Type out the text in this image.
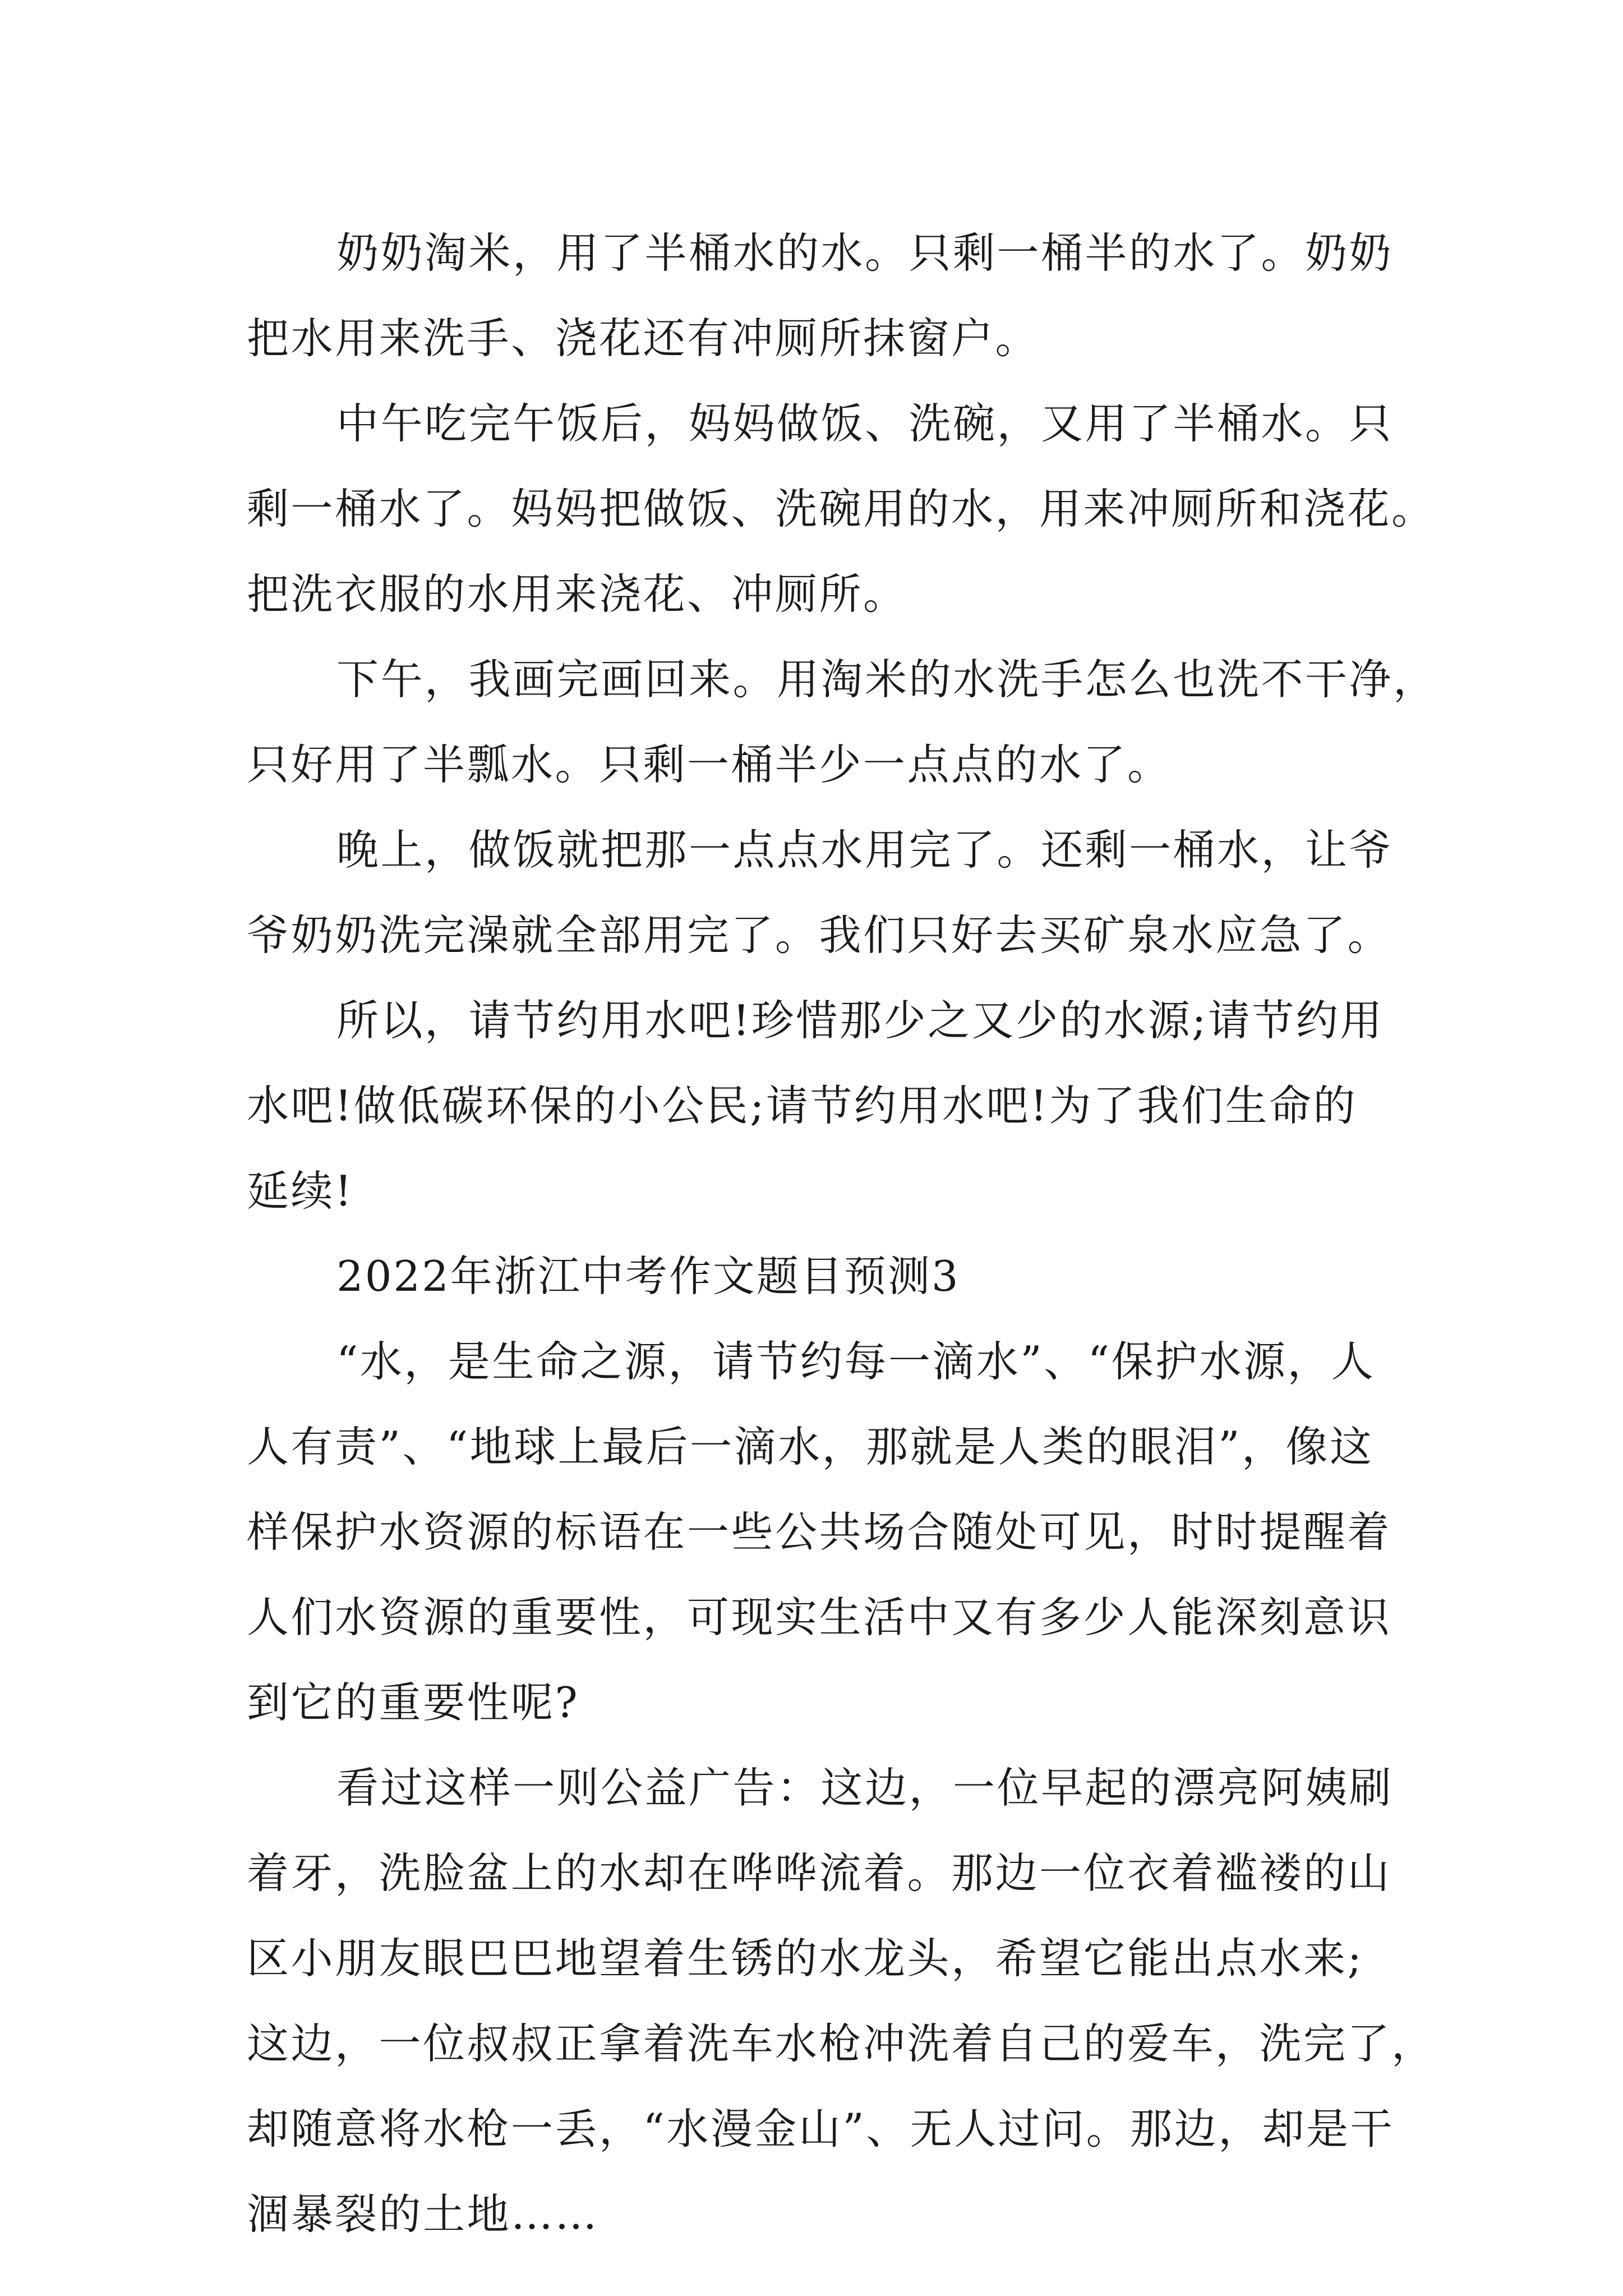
奶奶淘米，用了半桶水的水。只剩一桶半的水了。奶奶
把水用来洗手、浇花还有冲厕所抹窗户。

中午吃完午饭后，妈妈做饭、洗碗，又用了半桶水。只
剩一桶水了。妈妈把做饭、洗碗用的水，用来冲厕所和浇花。
把洗衣服的水用来浇花、冲厕所。

下午，我画完画回来。用淘米的水洗手怎么也洗不干净，
只好用了半瓢水。只剩一桶半少一点点的水了。

晚上，做饭就把那一点点水用完了。还剩一桶水，让爷
爷奶奶洗完澡就全部用完了。我们只好去买矿泉水应急了。

所以，请节约用水吧!珍惜那少之又少的水源;请节约用
水吧!做低碳环保的小公民;请节约用水吧!为了我们生命的
延续!

2022年浙江中考作文题目预测3

“水，是生命之源，请节约每一滴水”、“保护水源，人
人有责”、“地球上最后一滴水，那就是人类的眼泪”，像这
样保护水资源的标语在一些公共场合随处可见，时时提醒着
人们水资源的重要性，可现实生活中又有多少人能深刻意识
到它的重要性呢?

看过这样一则公益广告：这边，一位早起的漂亮阿姨刷
着牙，洗脸盆上的水却在哗哗流着。那边一位衣着褴褛的山
区小朋友眼巴巴地望着生锈的水龙头，希望它能出点水来;
这边，一位叔叔正拿着洗车水枪冲洗着自己的爱车，洗完了，
却随意将水枪一丢，“水漫金山”、无人过问。那边，却是干
涸暴裂的土地……
